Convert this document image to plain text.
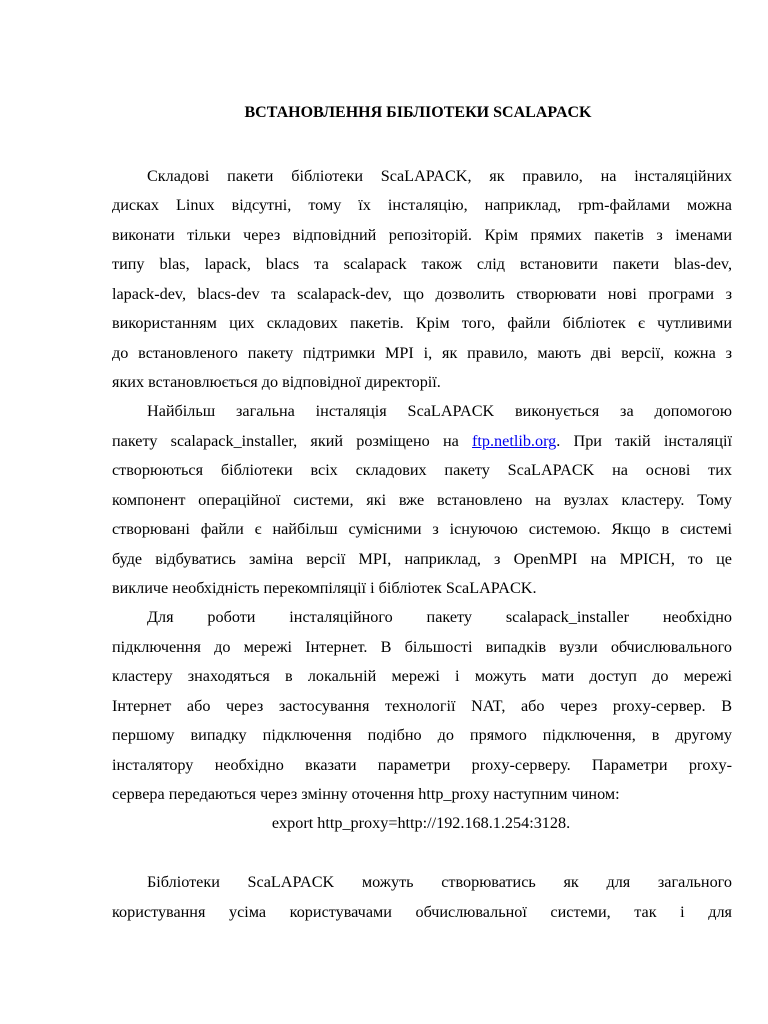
ВСТАНОВЛЕННЯ БІБЛІОТЕКИ SCALAPACK
Складові пакети бібліотеки ScaLAPACK, як правило, на інсталяційних
дисках Linux відсутні, тому їх інсталяцію, наприклад, rpm-файлами можна
виконати тільки через відповідний репозіторій. Крім прямих пакетів з іменами
типу blas, lapack, blacs та scalapack також слід встановити пакети blas-dev,
lapack-dev, blacs-dev та scalapack-dev, що дозволить створювати нові програми з
використанням цих складових пакетів. Крім того, файли бібліотек є чутливими
до встановленого пакету підтримки MPI і, як правило, мають дві версії, кожна з
яких встановлюється до відповідної директорії.
Найбільш загальна інсталяція ScaLAPACK виконується за допомогою
пакету scalapack_installer, який розміщено на ftp.netlib.org. При такій інсталяції
створюються бібліотеки всіх складових пакету ScaLAPACK на основі тих
компонент операційної системи, які вже встановлено на вузлах кластеру. Тому
створювані файли є найбільш сумісними з існуючою системою. Якщо в системі
буде відбуватись заміна версії MPI, наприклад, з OpenMPI на MPICH, то це
викличе необхідність перекомпіляції і бібліотек ScaLAPACK.
Для роботи інсталяційного пакету scalapack_installer необхідно
підключення до мережі Інтернет. В більшості випадків вузли обчислювального
кластеру знаходяться в локальній мережі і можуть мати доступ до мережі
Інтернет або через застосування технології NAT, або через proxy-сервер. В
першому випадку підключення подібно до прямого підключення, в другому
інсталятору необхідно вказати параметри proxy-серверу. Параметри proxy-
сервера передаються через змінну оточення http_proxy наступним чином:
export http_proxy=http://192.168.1.254:3128.
Бібліотеки ScaLAPACK можуть створюватись як для загального
користування усіма користувачами обчислювальної системи, так і для
